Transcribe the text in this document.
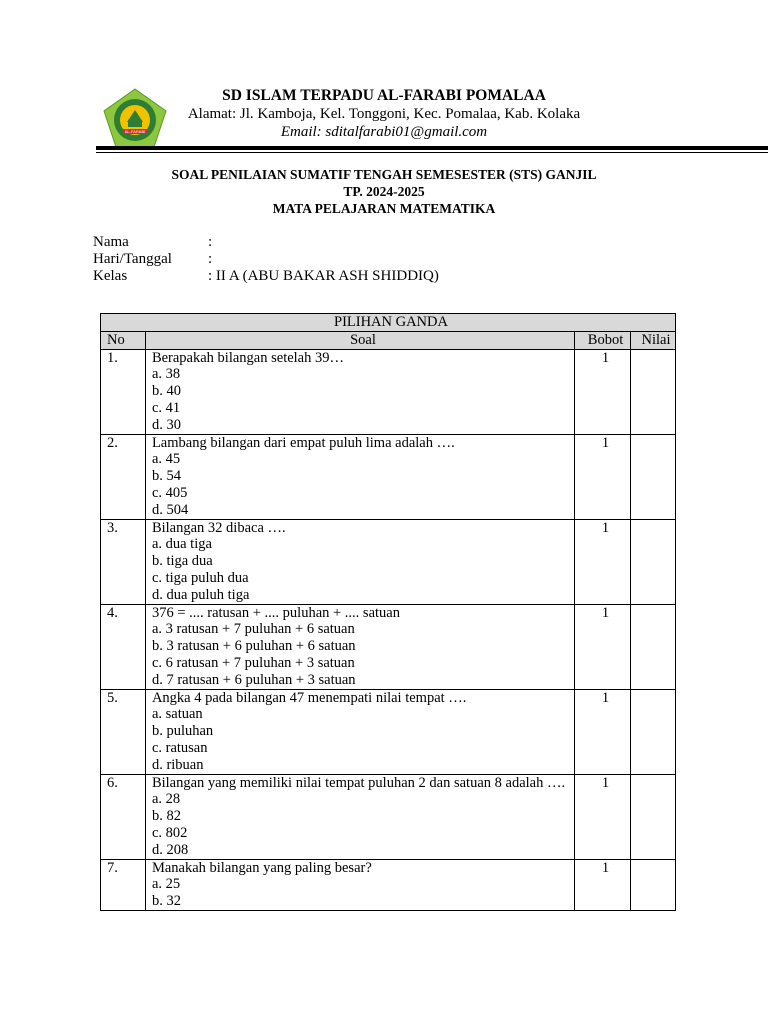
AL-FARABI
SD ISLAM TERPADU AL-FARABI POMALAA
Alamat: Jl. Kamboja, Kel. Tonggoni, Kec. Pomalaa, Kab. Kolaka
Email: sditalfarabi01@gmail.com
SOAL PENILAIAN SUMATIF TENGAH SEMESESTER (STS) GANJIL
TP. 2024-2025
MATA PELAJARAN MATEMATIKA
Nama	:
Hari/Tanggal	:
Kelas	: II A (ABU BAKAR ASH SHIDDIQ)
PILIHAN GANDA			
No	Soal	Bobot	Nilai
1.	Berapakah bilangan setelah 39…
a. 38
b. 40
c. 41
d. 30	1	
2.	Lambang bilangan dari empat puluh lima adalah ….
a. 45
b. 54
c. 405
d. 504	1	
3.	Bilangan 32 dibaca ….
a. dua tiga
b. tiga dua
c. tiga puluh dua
d. dua puluh tiga	1	
4.	376 = .... ratusan + .... puluhan + .... satuan
a. 3 ratusan + 7 puluhan + 6 satuan
b. 3 ratusan + 6 puluhan + 6 satuan
c. 6 ratusan + 7 puluhan + 3 satuan
d. 7 ratusan + 6 puluhan + 3 satuan	1	
5.	Angka 4 pada bilangan 47 menempati nilai tempat ….
a. satuan
b. puluhan
c. ratusan
d. ribuan	1	
6.	Bilangan yang memiliki nilai tempat puluhan 2 dan satuan 8 adalah ….
a. 28
b. 82
c. 802
d. 208	1	
7.	Manakah bilangan yang paling besar?
a. 25
b. 32	1	
